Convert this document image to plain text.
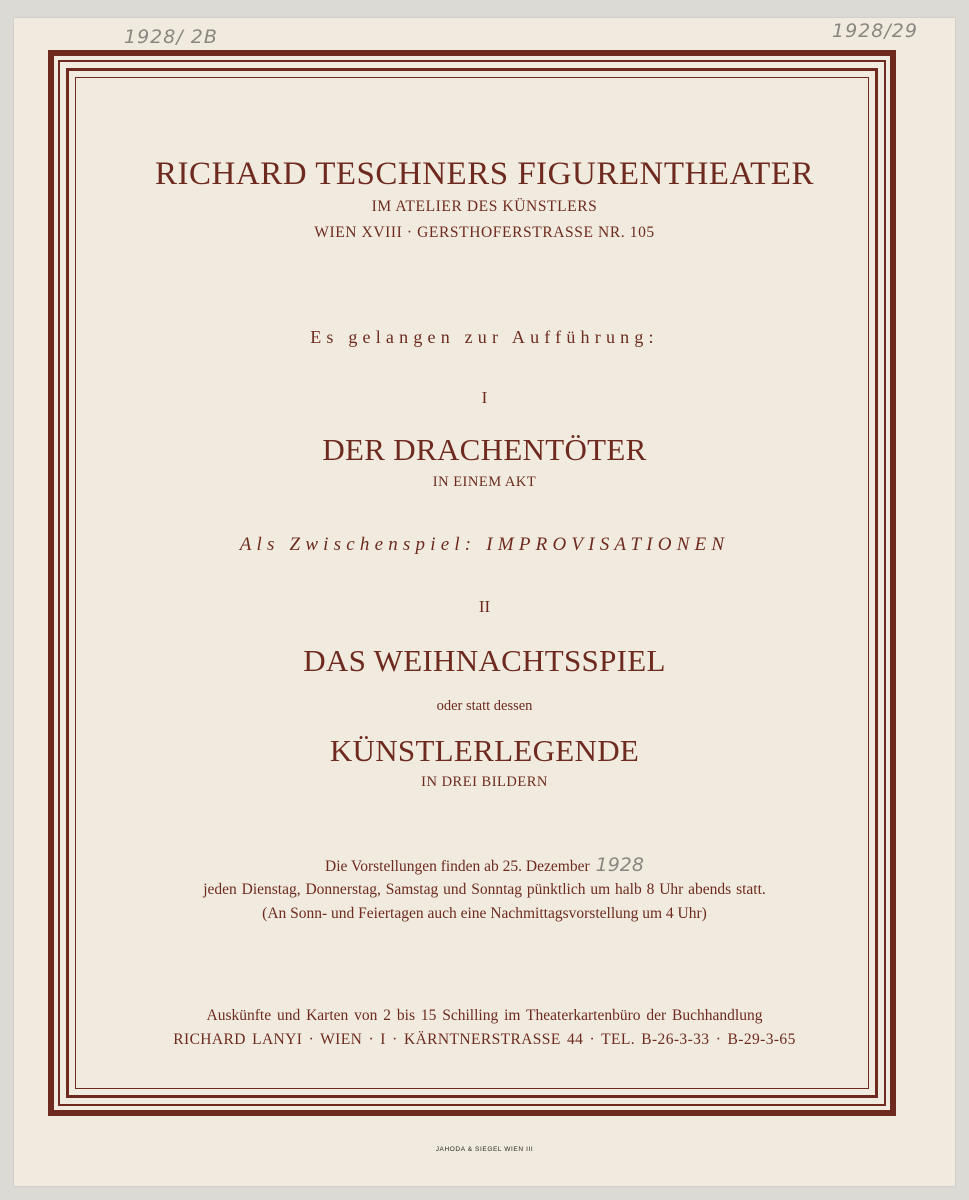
1928/ 2B	1928/29
RICHARD TESCHNERS FIGURENTHEATER
IM ATELIER DES KÜNSTLERS
WIEN XVIII · GERSTHOFERSTRASSE NR. 105
Es gelangen zur Aufführung:
I
DER DRACHENTÖTER
IN EINEM AKT
Als Zwischenspiel: IMPROVISATIONEN
II
DAS WEIHNACHTSSPIEL
oder statt dessen
KÜNSTLERLEGENDE
IN DREI BILDERN
Die Vorstellungen finden ab 25. Dezember 1928
jeden Dienstag, Donnerstag, Samstag und Sonntag pünktlich um halb 8 Uhr abends statt.
(An Sonn- und Feiertagen auch eine Nachmittagsvorstellung um 4 Uhr)
Auskünfte und Karten von 2 bis 15 Schilling im Theaterkartenbüro der Buchhandlung
RICHARD LANYI · WIEN · I · KÄRNTNERSTRASSE 44 · TEL. B-26-3-33 · B-29-3-65
JAHODA & SIEGEL WIEN III
